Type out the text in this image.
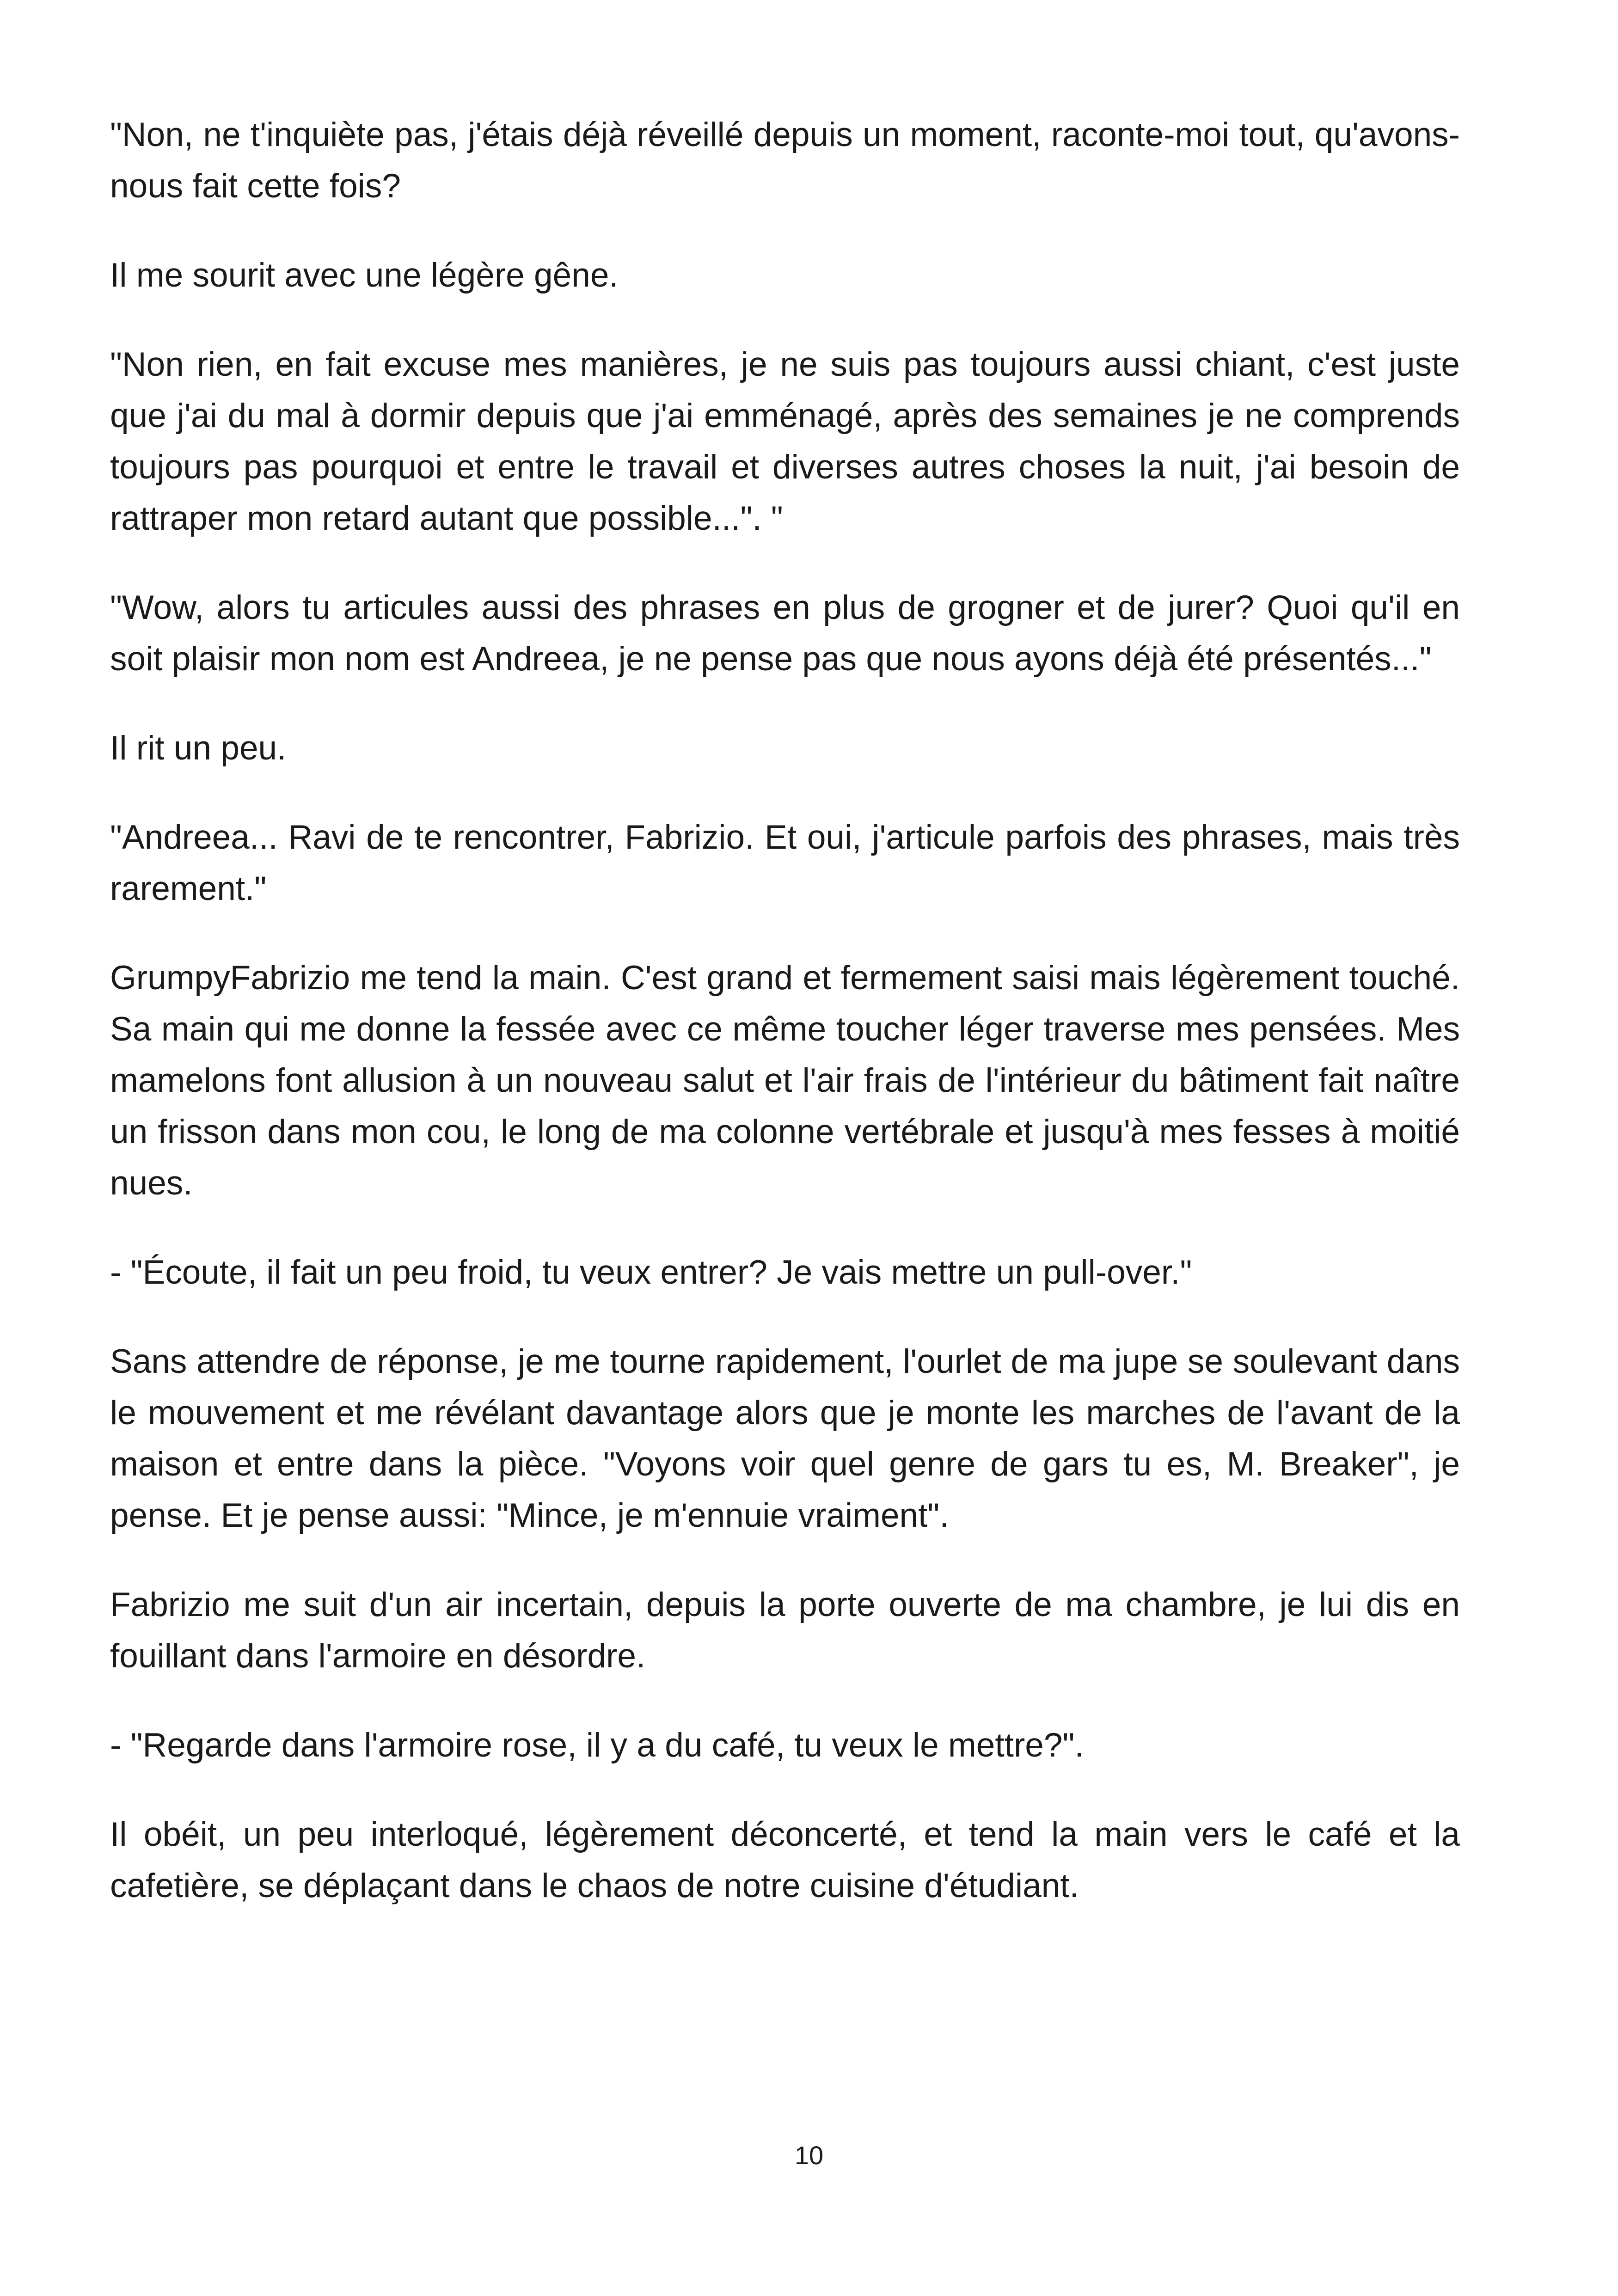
"Non, ne t'inquiète pas, j'étais déjà réveillé depuis un moment, raconte-moi tout, qu'avons-nous fait cette fois?

Il me sourit avec une légère gêne.

"Non rien, en fait excuse mes manières, je ne suis pas toujours aussi chiant, c'est juste que j'ai du mal à dormir depuis que j'ai emménagé, après des semaines je ne comprends toujours pas pourquoi et entre le travail et diverses autres choses la nuit, j'ai besoin de rattraper mon retard autant que possible...". "

"Wow, alors tu articules aussi des phrases en plus de grogner et de jurer? Quoi qu'il en soit plaisir mon nom est Andreea, je ne pense pas que nous ayons déjà été présentés..."

Il rit un peu.

"Andreea... Ravi de te rencontrer, Fabrizio. Et oui, j'articule parfois des phrases, mais très rarement."

GrumpyFabrizio me tend la main. C'est grand et fermement saisi mais légèrement touché. Sa main qui me donne la fessée avec ce même toucher léger traverse mes pensées. Mes mamelons font allusion à un nouveau salut et l'air frais de l'intérieur du bâtiment fait naître un frisson dans mon cou, le long de ma colonne vertébrale et jusqu'à mes fesses à moitié nues.

- "Écoute, il fait un peu froid, tu veux entrer? Je vais mettre un pull-over."

Sans attendre de réponse, je me tourne rapidement, l'ourlet de ma jupe se soulevant dans le mouvement et me révélant davantage alors que je monte les marches de l'avant de la maison et entre dans la pièce. "Voyons voir quel genre de gars tu es, M. Breaker", je pense. Et je pense aussi: "Mince, je m'ennuie vraiment".

Fabrizio me suit d'un air incertain, depuis la porte ouverte de ma chambre, je lui dis en fouillant dans l'armoire en désordre.

- "Regarde dans l'armoire rose, il y a du café, tu veux le mettre?".

Il obéit, un peu interloqué, légèrement déconcerté, et tend la main vers le café et la cafetière, se déplaçant dans le chaos de notre cuisine d'étudiant.

10
